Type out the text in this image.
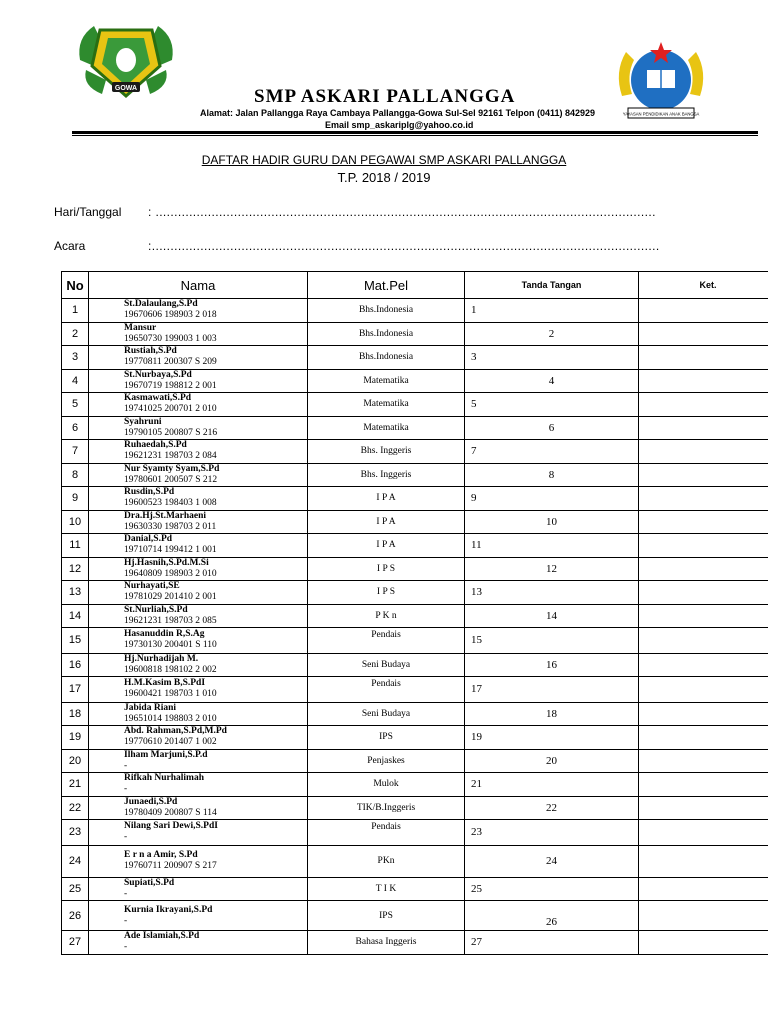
GOWA
YAYASAN PENDIDIKAN ANAK BANGSA
SMP ASKARI PALLANGGA
Alamat: Jalan Pallangga Raya Cambaya Pallangga-Gowa Sul-Sel 92161 Telpon (0411) 842929
Email smp_askariplg@yahoo.co.id
DAFTAR HADIR GURU DAN PEGAWAI SMP ASKARI PALLANGGA
T.P. 2018 / 2019
Hari/Tanggal : ......................................................................................................................................
Acara	:........................................................................................................................................
No	Nama	Mat.Pel	Tanda Tangan	Ket.
1	St.Dalaulang,S.Pd
19670606 198903 2 018	Bhs.Indonesia	1	
2	Mansur
19650730 199003 1 003	Bhs.Indonesia	2	
3	Rustiah,S.Pd
19770811 200307 S 209	Bhs.Indonesia	3	
4	St.Nurbaya,S.Pd
19670719 198812 2 001	Matematika	4	
5	Kasmawati,S.Pd
19741025 200701 2 010	Matematika	5	
6	Syahruni
19790105 200807 S 216	Matematika	6	
7	Ruhaedah,S.Pd
19621231 198703 2 084	Bhs. Inggeris	7	
8	Nur Syamty Syam,S.Pd
19780601 200507 S 212	Bhs. Inggeris	8	
9	Rusdin,S.Pd
19600523 198403 1 008	I P A	9	
10	Dra.Hj.St.Marhaeni
19630330 198703 2 011	I P A	10	
11	Danial,S.Pd
19710714 199412 1 001	I P A	11	
12	Hj.Hasnih,S.Pd.M.Si
19640809 198903 2 010	I P S	12	
13	Nurhayati,SE
19781029 201410 2 001	I P S	13	
14	St.Nurliah,S.Pd
19621231 198703 2 085	P K n	14	
15	Hasanuddin R,S.Ag
19730130 200401 S 110	Pendais	15	
16	Hj.Nurhadijah M.
19600818 198102 2 002	Seni Budaya	16	
17	H.M.Kasim B,S.PdI
19600421 198703 1 010	Pendais	17	
18	Jabida Riani
19651014 198803 2 010	Seni Budaya	18	
19	Abd. Rahman,S.Pd,M.Pd
19770610 201407 1 002	IPS	19	
20	Ilham Marjuni,S.P.d
-	Penjaskes	20	
21	Rifkah Nurhalimah
-	Mulok	21	
22	Junaedi,S.Pd
19780409 200807 S 114	TIK/B.Inggeris	22	
23	Nilang Sari Dewi,S.PdI
-	Pendais	23	
24	E r n a Amir, S.Pd
19760711 200907 S 217	PKn	24	
25	Supiati,S.Pd
-	T I K	25	
26	Kurnia Ikrayani,S.Pd
-	IPS	26	
27	Ade Islamiah,S.Pd
-	Bahasa Inggeris	27	
